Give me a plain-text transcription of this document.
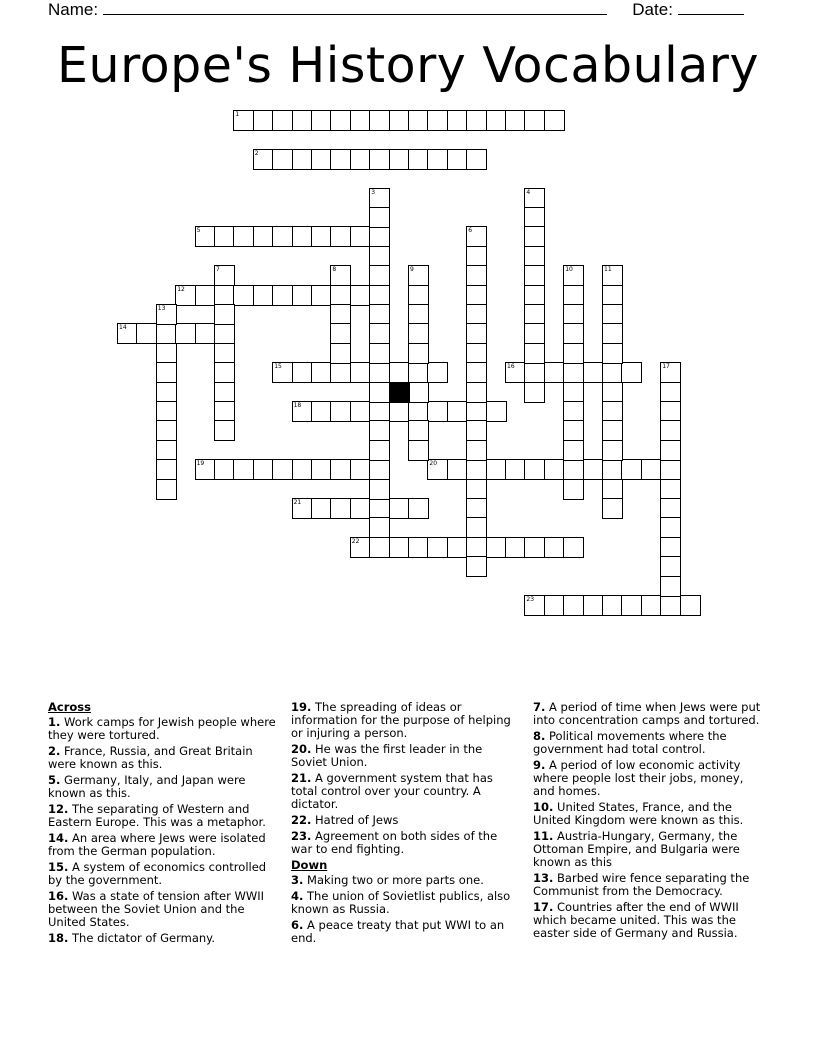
Name:	Date:
Europe's History Vocabulary
1
2
5
12
14
15	16
18
19	20
21
22
23
3	4
6
7	8	9	10	11
13
17
Across
1. Work camps for Jewish people where they were tortured.
2. France, Russia, and Great Britain were known as this.
5. Germany, Italy, and Japan were known as this.
12. The separating of Western and Eastern Europe. This was a metaphor.
14. An area where Jews were isolated from the German population.
15. A system of economics controlled by the government.
16. Was a state of tension after WWII between the Soviet Union and the United States.
18. The dictator of Germany.
19. The spreading of ideas or information for the purpose of helping or injuring a person.
20. He was the first leader in the Soviet Union.
21. A government system that has total control over your country. A dictator.
22. Hatred of Jews
23. Agreement on both sides of the war to end fighting.
Down
3. Making two or more parts one.
4. The union of Sovietlist publics, also known as Russia.
6. A peace treaty that put WWI to an end.
7. A period of time when Jews were put into concentration camps and tortured.
8. Political movements where the government had total control.
9. A period of low economic activity where people lost their jobs, money, and homes.
10. United States, France, and the United Kingdom were known as this.
11. Austria-Hungary, Germany, the Ottoman Empire, and Bulgaria were known as this
13. Barbed wire fence separating the Communist from the Democracy.
17. Countries after the end of WWII which became united. This was the easter side of Germany and Russia.
